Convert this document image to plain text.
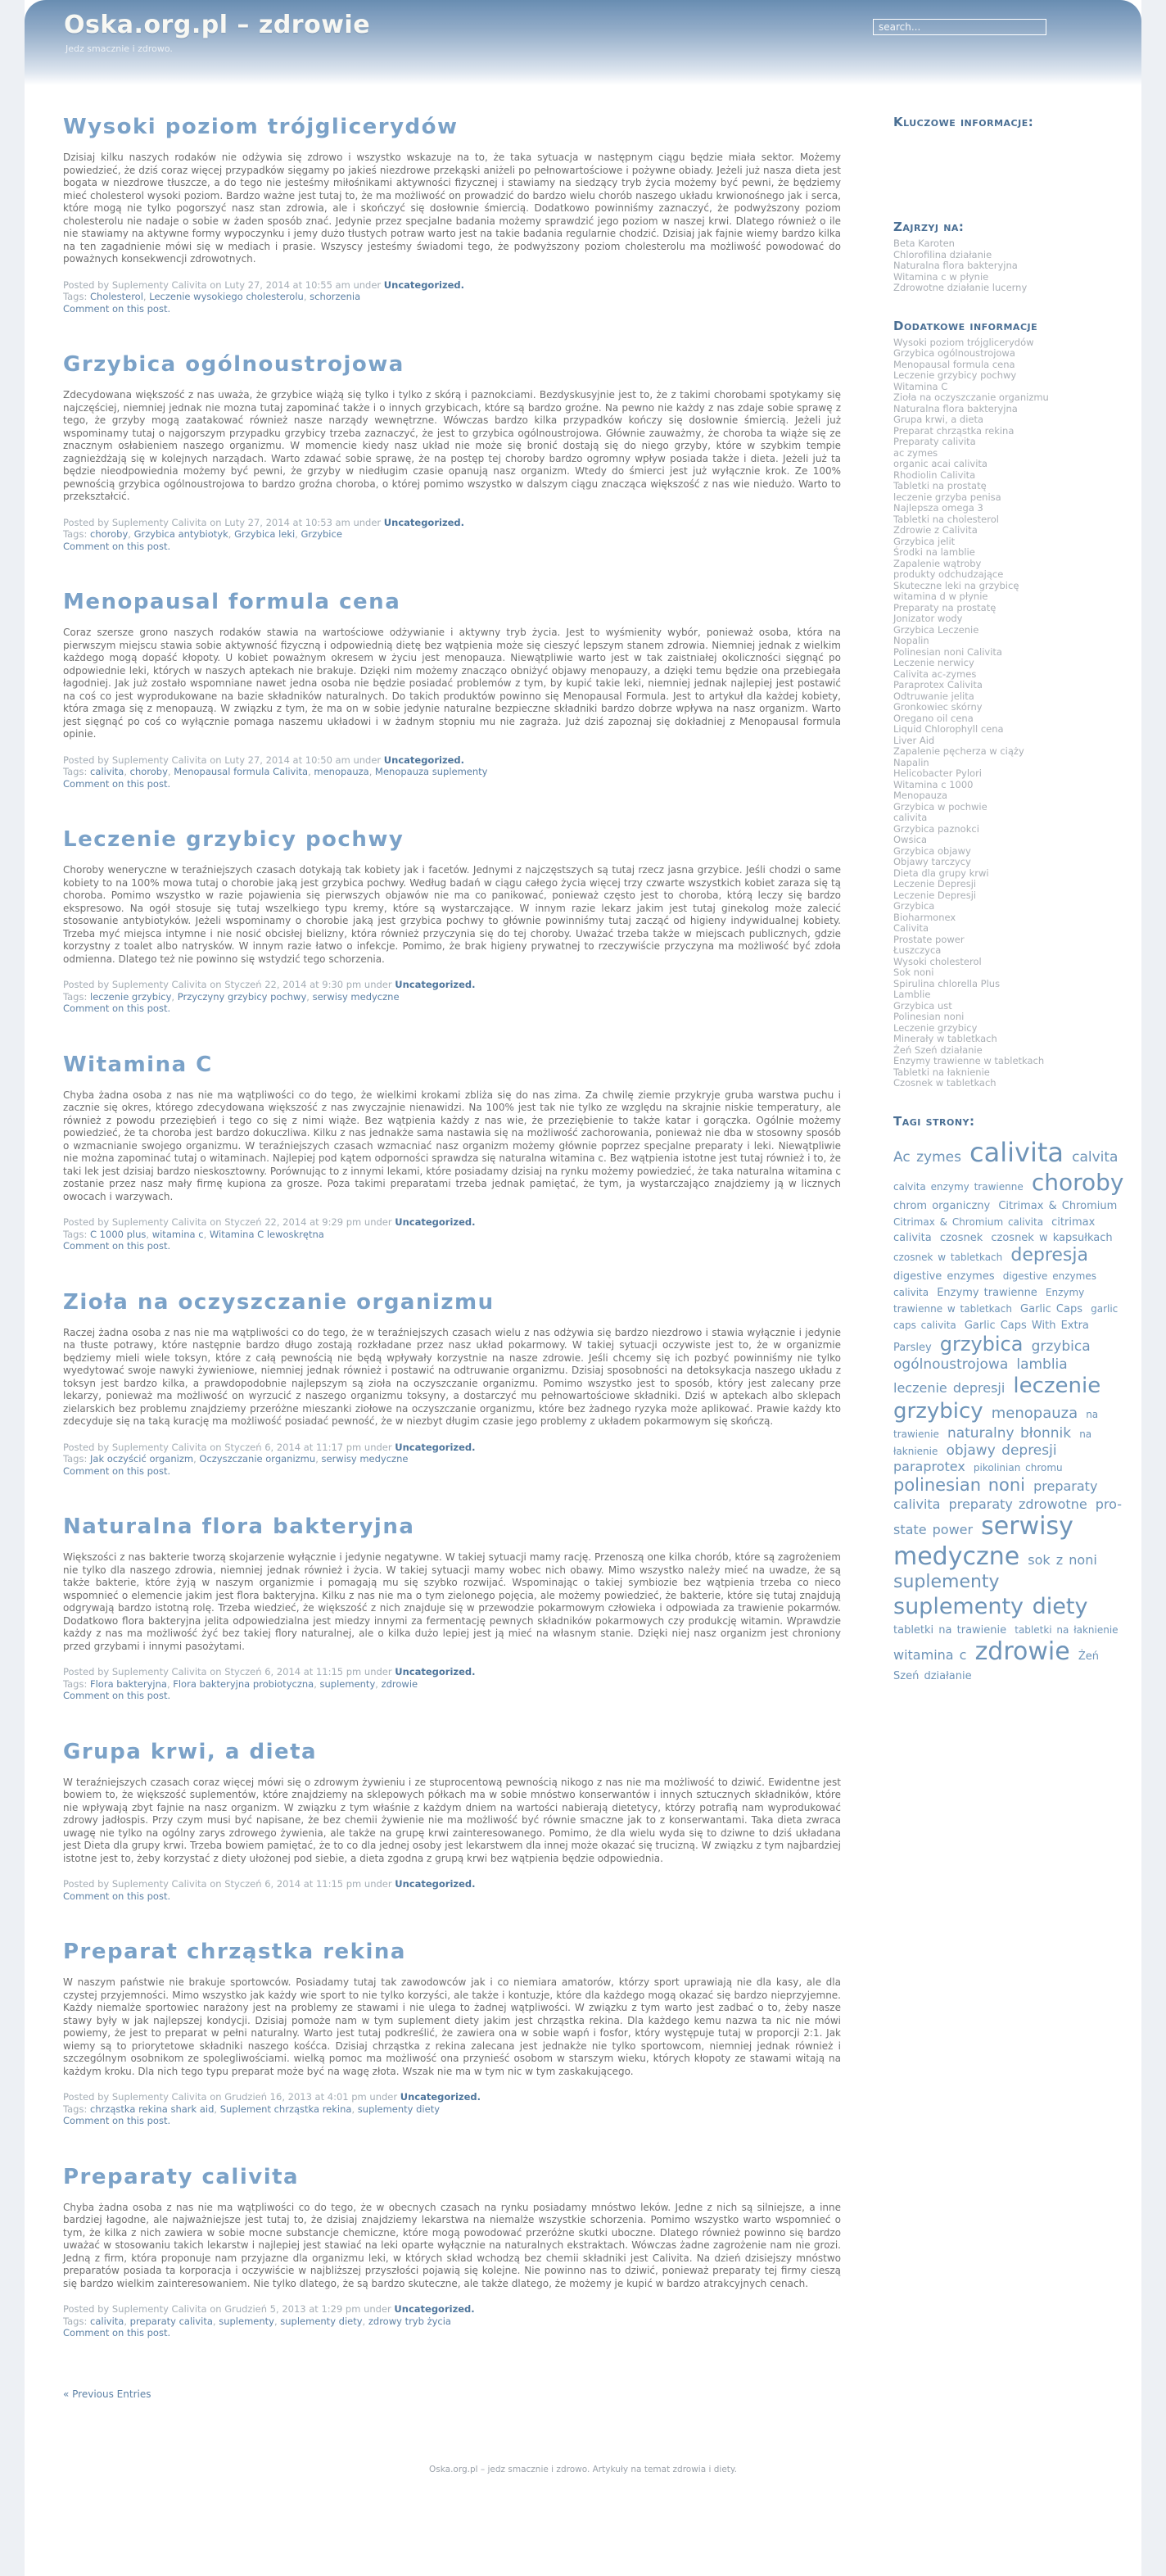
Oska.org.pl – zdrowie
Jedz smacznie i zdrowo.
search...
Wysoki poziom trójglicerydów

Dzisiaj kilku naszych rodaków nie odżywia się zdrowo i wszystko wskazuje na to, że taka sytuacja w następnym ciągu będzie miała sektor. Możemy powiedzieć, że dziś coraz więcej przypadków sięgamy po jakieś niezdrowe przekąski aniżeli po pełnowartościowe i pożywne obiady. Jeżeli już nasza dieta jest bogata w niezdrowe tłuszcze, a do tego nie jesteśmy miłośnikami aktywności fizycznej i stawiamy na siedzący tryb życia możemy być pewni, że będziemy mieć cholesterol wysoki poziom. Bardzo ważne jest tutaj to, że ma możliwość on prowadzić do bardzo wielu chorób naszego układu krwionośnego jak i serca, które mogą nie tylko pogorszyć nasz stan zdrowia, ale i skończyć się dosłownie śmiercią. Dodatkowo powinniśmy zaznaczyć, że podwyższony poziom cholesterolu nie nadaje o sobie w żaden sposób znać. Jedynie przez specjalne badania możemy sprawdzić jego poziom w naszej krwi. Dlatego również o ile nie stawiamy na aktywne formy wypoczynku i jemy dużo tłustych potraw warto jest na takie badania regularnie chodzić. Dzisiaj jak fajnie wiemy bardzo kilka na ten zagadnienie mówi się w mediach i prasie. Wszyscy jesteśmy świadomi tego, że podwyższony poziom cholesterolu ma możliwość powodować do poważnych konsekwencji zdrowotnych.

Posted by Suplementy Calivita on Luty 27, 2014 at 10:55 am under Uncategorized.
Tags: Cholesterol, Leczenie wysokiego cholesterolu, schorzenia
Comment on this post.
Grzybica ogólnoustrojowa

Zdecydowana większość z nas uważa, że grzybice wiążą się tylko i tylko z skórą i paznokciami. Bezdyskusyjnie jest to, że z takimi chorobami spotykamy się najczęściej, niemniej jednak nie mozna tutaj zapominać także i o innych grzybicach, które są bardzo groźne. Na pewno nie każdy z nas zdaje sobie sprawę z tego, że grzyby mogą zaatakować również nasze narządy wewnętrzne. Wówczas bardzo kilka przypadków kończy się dosłownie śmiercią. Jeżeli już wspominamy tutaj o najgorszym przypadku grzybicy trzeba zaznaczyć, że jest to grzybica ogólnoustrojowa. Głównie zauważmy, że choroba ta wiąże się ze znacznym osłabieniem naszego organizmu. W momencie kiedy nasz układ nie może się bronić dostają się do niego grzyby, które w szybkim tempie zagnieżdżają się w kolejnych narządach. Warto zdawać sobie sprawę, że na postęp tej choroby bardzo ogromny wpływ posiada także i dieta. Jeżeli już ta będzie nieodpowiednia możemy być pewni, że grzyby w niedługim czasie opanują nasz organizm. Wtedy do śmierci jest już wyłącznie krok. Ze 100% pewnością grzybica ogólnoustrojowa to bardzo groźna choroba, o której pomimo wszystko w dalszym ciągu znacząca większość z nas wie niedużo. Warto to przekształcić.

Posted by Suplementy Calivita on Luty 27, 2014 at 10:53 am under Uncategorized.
Tags: choroby, Grzybica antybiotyk, Grzybica leki, Grzybice
Comment on this post.
Menopausal formula cena

Coraz szersze grono naszych rodaków stawia na wartościowe odżywianie i aktywny tryb życia. Jest to wyśmienity wybór, ponieważ osoba, która na pierwszym miejscu stawia sobie aktywność fizyczną i odpowiednią dietę bez wątpienia może się cieszyć lepszym stanem zdrowia. Niemniej jednak z wielkim każdego mogą dopaść kłopoty. U kobiet poważnym okresem w życiu jest menopauza. Niewątpliwie warto jest w tak zaistniałej okoliczności sięgnąć po odpowiednie leki, których w naszych aptekach nie brakuje. Dzięki nim możemy znacząco obniżyć objawy menopauzy, a dzięki temu będzie ona przebiegała łagodniej. Jak już zostało wspomniane nawet jedna osoba nie będzie posiadać problemów z tym, by kupić takie leki, niemniej jednak najlepiej jest postawić na coś co jest wyprodukowane na bazie składników naturalnych. Do takich produktów powinno się Menopausal Formula. Jest to artykuł dla każdej kobiety, która zmaga się z menopauzą. W związku z tym, że ma on w sobie jedynie naturalne bezpieczne składniki bardzo dobrze wpływa na nasz organizm. Warto jest sięgnąć po coś co wyłącznie pomaga naszemu układowi i w żadnym stopniu mu nie zagraża. Już dziś zapoznaj się dokładniej z Menopausal formula opinie.

Posted by Suplementy Calivita on Luty 27, 2014 at 10:50 am under Uncategorized.
Tags: calivita, choroby, Menopausal formula Calivita, menopauza, Menopauza suplementy
Comment on this post.
Leczenie grzybicy pochwy

Choroby weneryczne w teraźniejszych czasach dotykają tak kobiety jak i facetów. Jednymi z najczęstszych są tutaj rzecz jasna grzybice. Jeśli chodzi o same kobiety to na 100% mowa tutaj o chorobie jaką jest grzybica pochwy. Według badań w ciągu całego życia więcej trzy czwarte wszystkich kobiet zaraza się tą choroba. Pomimo wszystko w razie pojawienia się pierwszych objawów nie ma co panikować, ponieważ często jest to choroba, którą leczy się bardzo ekspresowo. Na ogół stosuje się tutaj wszelkiego typu kremy, które są wystarczające. W innym razie lekarz jakim jest tutaj ginekolog może zalecić stosowanie antybiotyków. Jeżeli wspominamy o chorobie jaką jest grzybica pochwy to głównie powinniśmy tutaj zacząć od higieny indywidualnej kobiety. Trzeba myć miejsca intymne i nie nosić obcisłej bielizny, która również przyczynia się do tej choroby. Uważać trzeba także w miejscach publicznych, gdzie korzystny z toalet albo natrysków. W innym razie łatwo o infekcje. Pomimo, że brak higieny prywatnej to rzeczywiście przyczyna ma możliwość być zdoła odmienna. Dlatego też nie powinno się wstydzić tego schorzenia.

Posted by Suplementy Calivita on Styczeń 22, 2014 at 9:30 pm under Uncategorized.
Tags: leczenie grzybicy, Przyczyny grzybicy pochwy, serwisy medyczne
Comment on this post.
Witamina C

Chyba żadna osoba z nas nie ma wątpliwości co do tego, że wielkimi krokami zbliża się do nas zima. Za chwilę ziemie przykryje gruba warstwa puchu i zacznie się okres, którego zdecydowana większość z nas zwyczajnie nienawidzi. Na 100% jest tak nie tylko ze względu na skrajnie niskie temperatury, ale również z powodu przeziębień i tego co się z nimi wiąże. Bez wątpienia każdy z nas wie, że przeziębienie to także katar i gorączka. Ogólnie możemy powiedzieć, że ta choroba jest bardzo dokuczliwa. Kilku z nas jednakże sama nastawia się na możliwość zachorowania, ponieważ nie dba w stosowny sposób o wzmacnianie swojego organizmu. W teraźniejszych czasach wzmacniać nasz organizm możemy głównie poprzez specjalne preparaty i leki. Niewątpliwie nie można zapominać tutaj o witaminach. Najlepiej pod kątem odporności sprawdza się naturalna witamina c. Bez wątpienia istotne jest tutaj również i to, że taki lek jest dzisiaj bardzo nieskosztowny. Porównując to z innymi lekami, które posiadamy dzisiaj na rynku możemy powiedzieć, że taka naturalna witamina c zostanie przez nasz mały firmę kupiona za grosze. Poza takimi preparatami trzeba jednak pamiętać, że tym, ja wystarczająco znajdziemy ją w licznych owocach i warzywach.

Posted by Suplementy Calivita on Styczeń 22, 2014 at 9:29 pm under Uncategorized.
Tags: C 1000 plus, witamina c, Witamina C lewoskrętna
Comment on this post.
Zioła na oczyszczanie organizmu

Raczej żadna osoba z nas nie ma wątpliwości co do tego, że w teraźniejszych czasach wielu z nas odżywia się bardzo niezdrowo i stawia wyłącznie i jedynie na tłuste potrawy, które następnie bardzo długo zostają rozkładane przez nasz układ pokarmowy. W takiej sytuacji oczywiste jest to, że w organizmie będziemy mieli wiele toksyn, które z całą pewnością nie będą wpływały korzystnie na nasze zdrowie. Jeśli chcemy się ich pozbyć powinniśmy nie tylko wyedytować swoje nawyki żywieniowe, niemniej jednak również i postawić na odtruwanie organizmu. Dzisiaj sposobności na detoksykacja naszego układu z toksyn jest bardzo kilka, a prawdopodobnie najlepszym są zioła na oczyszczanie organizmu. Pomimo wszystko jest to sposób, który jest zalecany prze lekarzy, ponieważ ma możliwość on wyrzucić z naszego organizmu toksyny, a dostarczyć mu pełnowartościowe składniki. Dziś w aptekach albo sklepach zielarskich bez problemu znajdziemy przeróżne mieszanki ziołowe na oczyszczanie organizmu, które bez żadnego ryzyka może aplikować. Prawie każdy kto zdecyduje się na taką kurację ma możliwość posiadać pewność, że w niezbyt długim czasie jego problemy z układem pokarmowym się skończą.

Posted by Suplementy Calivita on Styczeń 6, 2014 at 11:17 pm under Uncategorized.
Tags: Jak oczyścić organizm, Oczyszczanie organizmu, serwisy medyczne
Comment on this post.
Naturalna flora bakteryjna

Większości z nas bakterie tworzą skojarzenie wyłącznie i jedynie negatywne. W takiej sytuacji mamy rację. Przenoszą one kilka chorób, które są zagrożeniem nie tylko dla naszego zdrowia, niemniej jednak również i życia. W takiej sytuacji mamy wobec nich obawy. Mimo wszystko należy mieć na uwadze, że są także bakterie, które żyją w naszym organizmie i pomagają mu się szybko rozwijać. Wspominając o takiej symbiozie bez wątpienia trzeba co nieco wspomnieć o elemencie jakim jest flora bakteryjna. Kilku z nas nie ma o tym zielonego pojęcia, ale możemy powiedzieć, że bakterie, które się tutaj znajdują odgrywają bardzo istotną rolę. Trzeba wiedzieć, że większość z nich znajduje się w przewodzie pokarmowym człowieka i odpowiada za trawienie pokarmów. Dodatkowo flora bakteryjna jelita odpowiedzialna jest miedzy innymi za fermentację pewnych składników pokarmowych czy produkcję witamin. Wprawdzie każdy z nas ma możliwość żyć bez takiej flory naturalnej, ale o kilka dużo lepiej jest ją mieć na własnym stanie. Dzięki niej nasz organizm jest chroniony przed grzybami i innymi pasożytami.

Posted by Suplementy Calivita on Styczeń 6, 2014 at 11:15 pm under Uncategorized.
Tags: Flora bakteryjna, Flora bakteryjna probiotyczna, suplementy, zdrowie
Comment on this post.
Grupa krwi, a dieta

W teraźniejszych czasach coraz więcej mówi się o zdrowym żywieniu i ze stuprocentową pewnością nikogo z nas nie ma możliwość to dziwić. Ewidentne jest bowiem to, że większość suplementów, które znajdziemy na sklepowych półkach ma w sobie mnóstwo konserwantów i innych sztucznych składników, które nie wpływają zbyt fajnie na nasz organizm. W związku z tym właśnie z każdym dniem na wartości nabierają dietetycy, którzy potrafią nam wyprodukować zdrowy jadłospis. Przy czym musi być napisane, że bez chemii żywienie nie ma możliwość być równie smaczne jak to z konserwantami. Taka dieta zwraca uwagę nie tylko na ogólny zarys zdrowego żywienia, ale także na grupę krwi zainteresowanego. Pomimo, że dla wielu wyda się to dziwne to dziś układana jest Dieta dla grupy krwi. Trzeba bowiem pamiętać, że to co dla jednej osoby jest lekarstwem dla innej może okazać się trucizną. W związku z tym najbardziej istotne jest to, żeby korzystać z diety ułożonej pod siebie, a dieta zgodna z grupą krwi bez wątpienia będzie odpowiednia.

Posted by Suplementy Calivita on Styczeń 6, 2014 at 11:15 pm under Uncategorized.
Comment on this post.
Preparat chrząstka rekina

W naszym państwie nie brakuje sportowców. Posiadamy tutaj tak zawodowców jak i co niemiara amatorów, którzy sport uprawiają nie dla kasy, ale dla czystej przyjemności. Mimo wszystko jak każdy wie sport to nie tylko korzyści, ale także i kontuzje, które dla każdego mogą okazać się bardzo nieprzyjemne. Każdy niemalże sportowiec narażony jest na problemy ze stawami i nie ulega to żadnej wątpliwości. W związku z tym warto jest zadbać o to, żeby nasze stawy były w jak najlepszej kondycji. Dzisiaj pomoże nam w tym suplement diety jakim jest chrząstka rekina. Dla każdego kemu nazwa ta nic nie mówi powiemy, że jest to preparat w pełni naturalny. Warto jest tutaj podkreślić, że zawiera ona w sobie wapń i fosfor, który występuje tutaj w proporcji 2:1. Jak wiemy są to priorytetowe składniki naszego kośćca. Dzisiaj chrząstka z rekina zalecana jest jednakże nie tylko sportowcom, niemniej jednak również i szczególnym osobnikom ze spolegliwościami. wielką pomoc ma możliwość ona przynieść osobom w starszym wieku, których kłopoty ze stawami witają na każdym kroku. Dla nich tego typu preparat może być na wagę złota. Wszak nie ma w tym nic w tym zaskakującego.

Posted by Suplementy Calivita on Grudzień 16, 2013 at 4:01 pm under Uncategorized.
Tags: chrząstka rekina shark aid, Suplement chrząstka rekina, suplementy diety
Comment on this post.
Preparaty calivita

Chyba żadna osoba z nas nie ma wątpliwości co do tego, że w obecnych czasach na rynku posiadamy mnóstwo leków. Jedne z nich są silniejsze, a inne bardziej łagodne, ale najważniejsze jest tutaj to, że dzisiaj znajdziemy lekarstwa na niemalże wszystkie schorzenia. Pomimo wszystko warto wspomnieć o tym, że kilka z nich zawiera w sobie mocne substancje chemiczne, które mogą powodować przeróżne skutki uboczne. Dlatego również powinno się bardzo uważać w stosowaniu takich lekarstw i najlepiej jest stawiać na leki oparte wyłącznie na naturalnych ekstraktach. Wówczas żadne zagrożenie nam nie grozi. Jedną z firm, która proponuje nam przyjazne dla organizmu leki, w których skład wchodzą bez chemii składniki jest Calivita. Na dzień dzisiejszy mnóstwo preparatów posiada ta korporacja i oczywiście w najbliższej przyszłości pojawią się kolejne. Nie powinno nas to dziwić, ponieważ preparaty tej firmy cieszą się bardzo wielkim zainteresowaniem. Nie tylko dlatego, że są bardzo skuteczne, ale także dlatego, że możemy je kupić w bardzo atrakcyjnych cenach.

Posted by Suplementy Calivita on Grudzień 5, 2013 at 1:29 pm under Uncategorized.
Tags: calivita, preparaty calivita, suplementy, suplementy diety, zdrowy tryb życia
Comment on this post.
« Previous Entries
Kluczowe informacje:
Zajrzyj na:
Beta Karoten
Chlorofilina działanie
Naturalna flora bakteryjna
Witamina c w płynie
Zdrowotne działanie lucerny
Dodatkowe informacje
Wysoki poziom trójglicerydów
Grzybica ogólnoustrojowa
Menopausal formula cena
Leczenie grzybicy pochwy
Witamina C
Zioła na oczyszczanie organizmu
Naturalna flora bakteryjna
Grupa krwi, a dieta
Preparat chrząstka rekina
Preparaty calivita
ac zymes
organic acai calivita
Rhodiolin Calivita
Tabletki na prostatę
leczenie grzyba penisa
Najlepsza omega 3
Tabletki na cholesterol
Zdrowie z Calivita
Grzybica jelit
Środki na lamblie
Zapalenie wątroby
produkty odchudzające
Skuteczne leki na grzybicę
witamina d w płynie
Preparaty na prostatę
Jonizator wody
Grzybica Leczenie
Nopalin
Polinesian noni Calivita
Leczenie nerwicy
Calivita ac-zymes
Paraprotex Calivita
Odtruwanie jelita
Gronkowiec skórny
Oregano oil cena
Liquid Chlorophyll cena
Liver Aid
Zapalenie pęcherza w ciąży
Napalin
Helicobacter Pylori
Witamina c 1000
Menopauza
Grzybica w pochwie
calivita
Grzybica paznokci
Owsica
Grzybica objawy
Objawy tarczycy
Dieta dla grupy krwi
Leczenie Depresji
Leczenie Depresji
Grzybica
Bioharmonex
Calivita
Prostate power
Łuszczyca
Wysoki cholesterol
Sok noni
Spirulina chlorella Plus
Lamblie
Grzybica ust
Polinesian noni
Leczenie grzybicy
Minerały w tabletkach
Żeń Szeń działanie
Enzymy trawienne w tabletkach
Tabletki na łaknienie
Czosnek w tabletkach
Tagi strony:
Ac zymes calivita calvita calvita enzymy trawienne choroby chrom organiczny Citrimax & Chromium Citrimax & Chromium calivita citrimax calivita czosnek czosnek w kapsułkach czosnek w tabletkach depresja digestive enzymes digestive enzymes calivita Enzymy trawienne Enzymy trawienne w tabletkach Garlic Caps garlic caps calivita Garlic Caps With Extra Parsley grzybica grzybica ogólnoustrojowa lamblia leczenie depresji leczenie grzybicy menopauza na trawienie naturalny błonnik na łaknienie objawy depresji paraprotex pikolinian chromu polinesian noni preparaty calivita preparaty zdrowotne pro-state power serwisy medyczne sok z noni suplementy suplementy diety tabletki na trawienie tabletki na łaknienie witamina c zdrowie Żeń Szeń działanie
Oska.org.pl – jedz smacznie i zdrowo. Artykuły na temat zdrowia i diety.
